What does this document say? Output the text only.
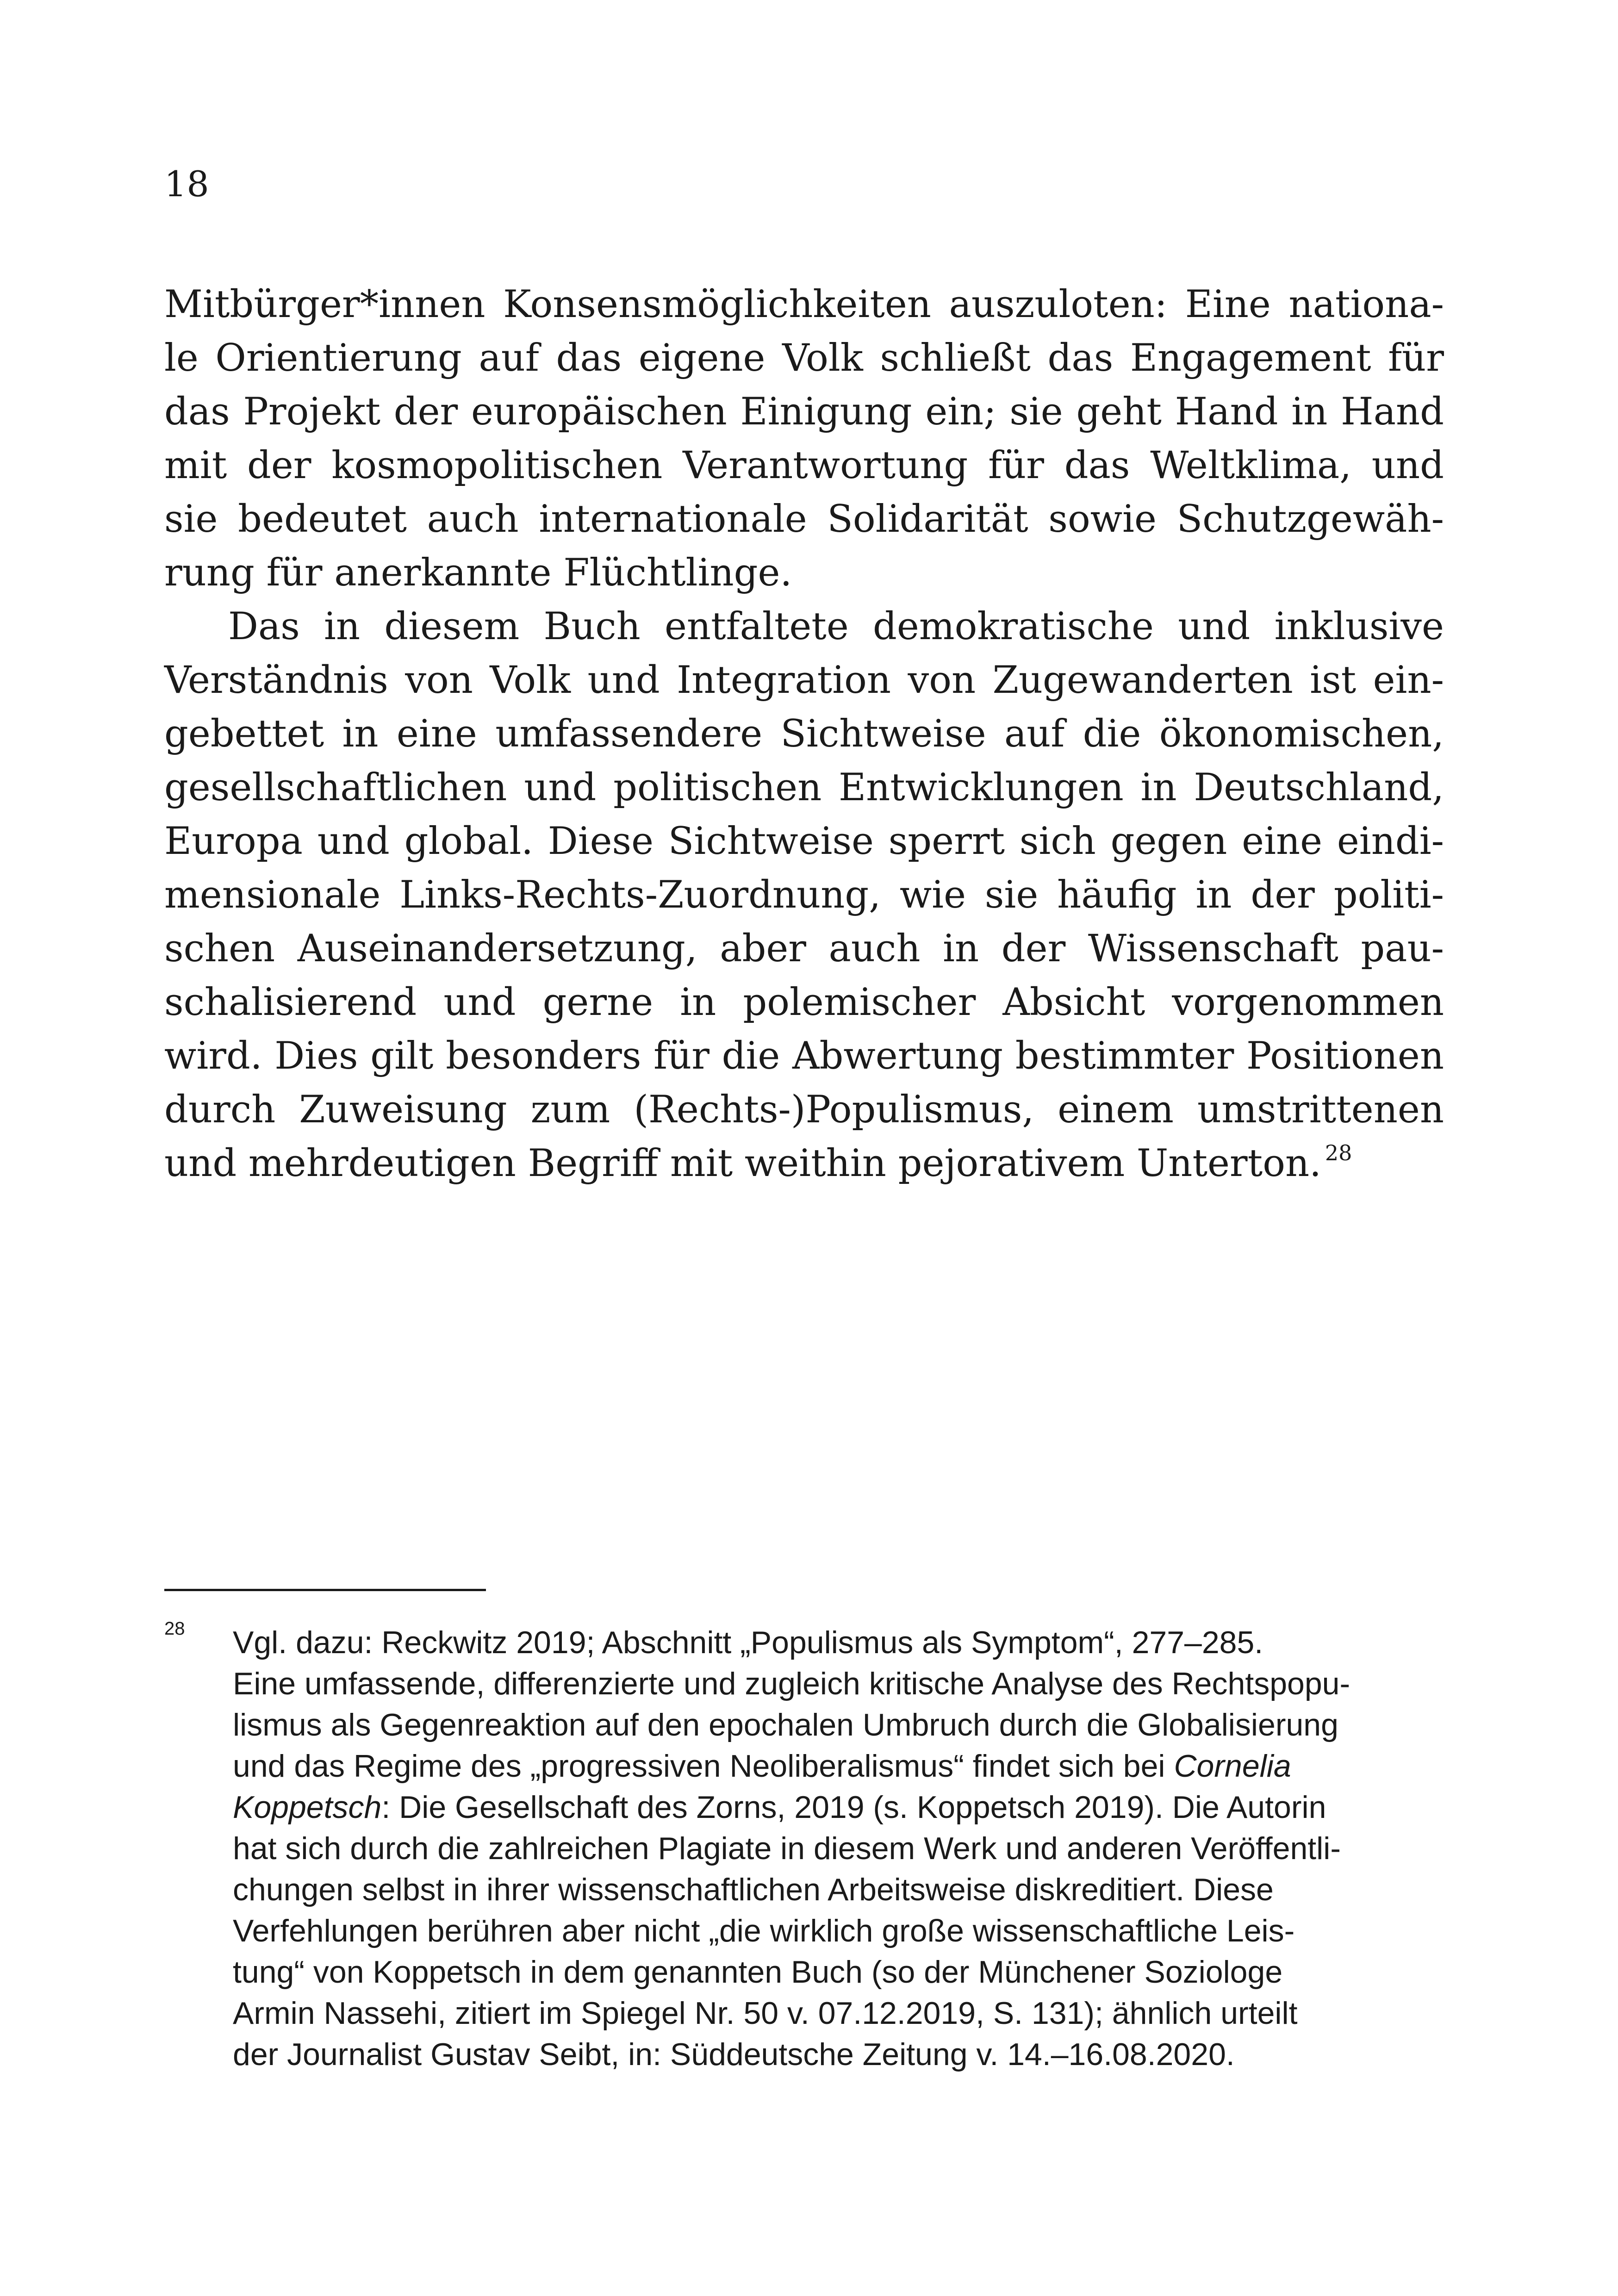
18
Mitbürger*innen Konsensmöglichkeiten auszuloten: Eine nationa-
le Orientierung auf das eigene Volk schließt das Engagement für
das Projekt der europäischen Einigung ein; sie geht Hand in Hand
mit der kosmopolitischen Verantwortung für das Weltklima, und
sie bedeutet auch internationale Solidarität sowie Schutzgewäh-
rung für anerkannte Flüchtlinge.
Das in diesem Buch entfaltete demokratische und inklusive
Verständnis von Volk und Integration von Zugewanderten ist ein-
gebettet in eine umfassendere Sichtweise auf die ökonomischen,
gesellschaftlichen und politischen Entwicklungen in Deutschland,
Europa und global. Diese Sichtweise sperrt sich gegen eine eindi-
mensionale Links-Rechts-Zuordnung, wie sie häufig in der politi-
schen Auseinandersetzung, aber auch in der Wissenschaft pau-
schalisierend und gerne in polemischer Absicht vorgenommen
wird. Dies gilt besonders für die Abwertung bestimmter Positionen
durch Zuweisung zum (Rechts-)Populismus, einem umstrittenen
und mehrdeutigen Begriff mit weithin pejorativem Unterton. $^{28}$
28 Vgl. dazu: Reckwitz 2019; Abschnitt „Populismus als Symptom“, 277–285.
Eine umfassende, differenzierte und zugleich kritische Analyse des Rechtspopu-
lismus als Gegenreaktion auf den epochalen Umbruch durch die Globalisierung
und das Regime des „progressiven Neoliberalismus“ findet sich bei Cornelia
Koppetsch: Die Gesellschaft des Zorns, 2019 (s. Koppetsch 2019). Die Autorin
hat sich durch die zahlreichen Plagiate in diesem Werk und anderen Veröffentli-
chungen selbst in ihrer wissenschaftlichen Arbeitsweise diskreditiert. Diese
Verfehlungen berühren aber nicht „die wirklich große wissenschaftliche Leis-
tung“ von Koppetsch in dem genannten Buch (so der Münchener Soziologe
Armin Nassehi, zitiert im Spiegel Nr. 50 v. 07.12.2019, S. 131); ähnlich urteilt
der Journalist Gustav Seibt, in: Süddeutsche Zeitung v. 14.–16.08.2020.
